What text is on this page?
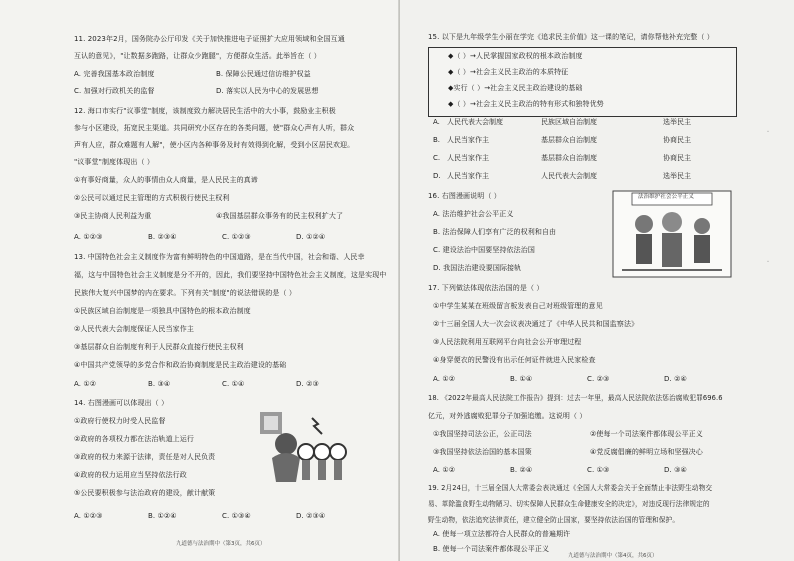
11. 2023年2月，国务院办公厅印发《关于加快推进电子证照扩大应用领域和全国互通
互认的意见》，"让数据多跑路，让群众少跑腿"，方便群众生活。此举旨在（ ）
A. 完善我国基本政治制度	B. 保障公民通过信访维护权益
C. 加强对行政机关的监督	D. 落实以人民为中心的发展思想
12. 海口市实行"议事堂"制度，该制度致力解决居民生活中的大小事，鼓励业主积极
参与小区建设，拓宽民主渠道。共同研究小区存在的各类问题，使"群众心声有人听，群众
声有人应，群众难题有人解"，使小区内各种事务及时有效得到化解，受到小区居民欢迎。
"议事堂"制度体现出（ ）
①有事好商量，众人的事情由众人商量，是人民民主的真谛
②公民可以通过民主管理的方式积极行使民主权利
③民主协商人民利益为重	④我国基层群众事务有的民主权利扩大了
A. ①②③	B. ②③④	C. ①②③	D. ①②④
13. 中国特色社会主义制度作为富有鲜明特色的中国道路，是在当代中国，社会和谐、人民幸
福，这与中国特色社会主义制度是分不开的，因此，我们要坚持中国特色社会主义制度，这是实现中
民族伟大复兴中国梦的内在要求。下列有关"制度"的说法错误的是（ ）
①民族区域自治制度是一项独具中国特色的根本政治制度
②人民代表大会制度保证人民当家作主
③基层群众自治制度有利于人民群众直接行使民主权利
④中国共产党领导的多党合作和政治协商制度是民主政治建设的基础
A. ①②	B. ③④	C. ①④	D. ②③
14. 右图漫画可以体现出（ ）
①政府行使权力时受人民监督
②政府的各项权力都在法治轨道上运行
③政府的权力来源于法律，责任是对人民负责
④政府的权力运用应当坚持依法行政
⑤公民要积极参与法治政府的建设，献计献策
A. ①②③	B. ①②④	C. ①③④	D. ②③④
九道德与法治期中（第3页，共6页）
·
·
15. 以下是九年级学生小丽在学完《追求民主价值》这一课的笔记，请你帮他补充完整（ ）
◆（ ）→人民掌握国家政权的根本政治制度
◆（ ）→社会主义民主政治的本质特征
◆实行（ ）→社会主义民主政治建设的基础
◆（ ）→社会主义民主政治的特有形式和独特优势
A. 人民代表大会制度	民族区域自治制度	选举民主
B. 人民当家作主	基层群众自治制度	协商民主
C. 人民当家作主	基层群众自治制度	协商民主
D. 人民当家作主	人民代表大会制度	选举民主
16. 右图漫画说明（ ）
A. 法治维护社会公平正义
B. 法治保障人们享有广泛的权利和自由
C. 建设法治中国要坚持依法治国
D. 我国法治建设要国际接轨
法治维护社会公平正义
17. 下列做法体现依法治国的是（ ）
①中学生某某在班级留言板发表自己对班级管理的意见
②十三届全国人大一次会议表决通过了《中华人民共和国监察法》
③人民法院利用互联网平台向社会公开审理过程
④身穿便衣的民警没有出示任何证件就进入民家检查
A. ①②	B. ①④	C. ②③	D. ②④
18. 《2022年最高人民法院工作报告》提到：过去一年里，最高人民法院依法惩治腐败犯罪696.6
亿元，对外逃腐败犯罪分子加强追缴。这说明（ ）
①我国坚持司法公正，公正司法	②使每一个司法案件都体现公平正义
③我国坚持依法治国的基本国策	④党反腐倡廉的鲜明立场和坚强决心
A. ①②	B. ②④	C. ①③	D. ③④
19. 2月24日，十三届全国人大常委会表决通过《全国人大常委会关于全面禁止非法野生动物交
易、革除滥食野生动物陋习、切实保障人民群众生命健康安全的决定》，对违反现行法律规定的
野生动物，依法追究法律责任，建立健全防止国家，要坚持依法治国的管理和保护。
A. 使每一项立法都符合人民群众的普遍期许
B. 使每一个司法案件都体现公平正义
九道德与法治期中（第4页，共6页）
